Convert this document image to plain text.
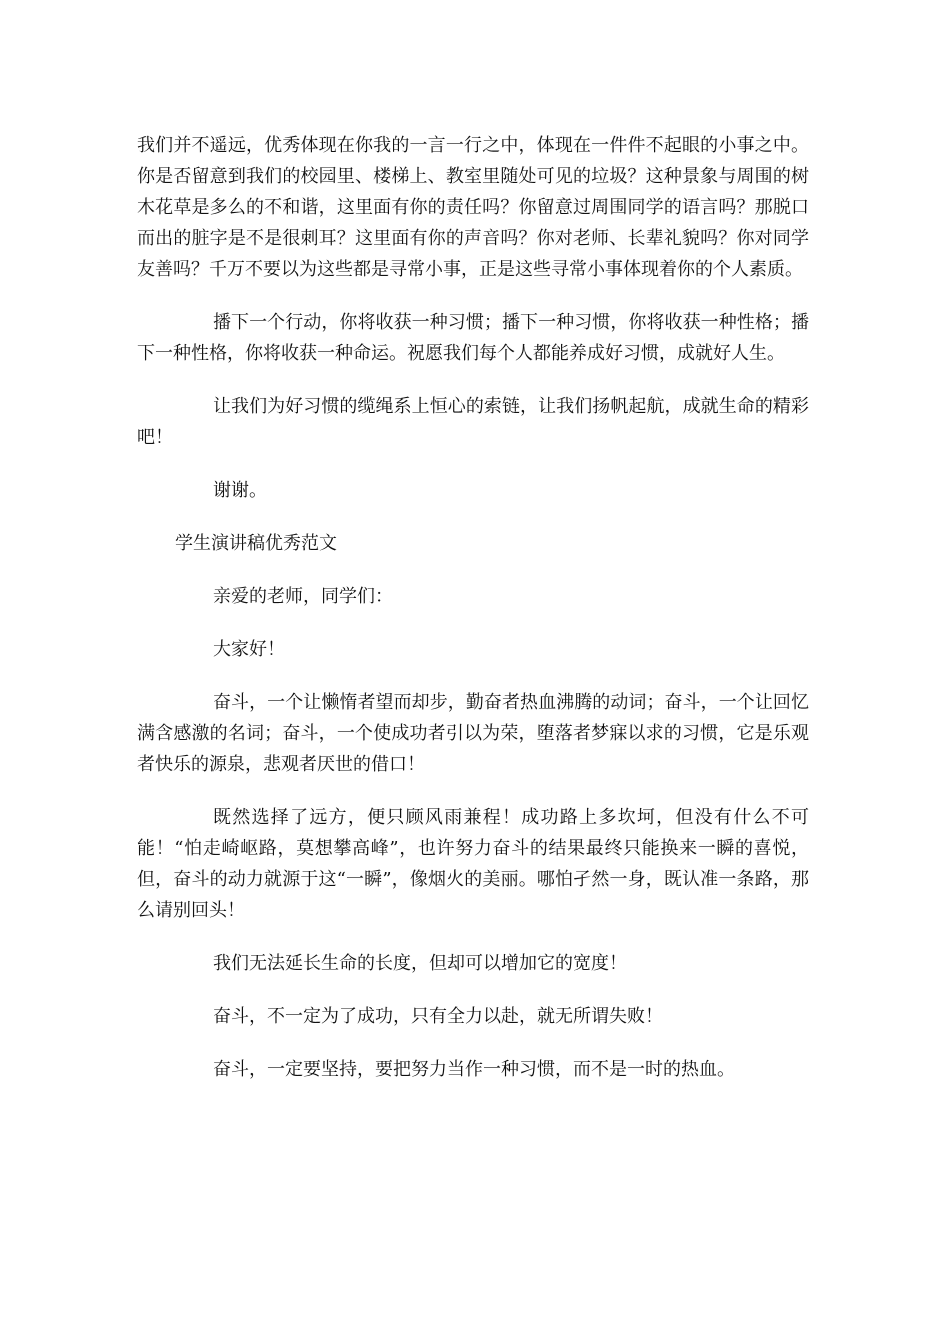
我们并不遥远，优秀体现在你我的一言一行之中，体现在一件件不起眼的小事之中。你是否留意到我们的校园里、楼梯上、教室里随处可见的垃圾？这种景象与周围的树木花草是多么的不和谐，这里面有你的责任吗？你留意过周围同学的语言吗？那脱口而出的脏字是不是很刺耳？这里面有你的声音吗？你对老师、长辈礼貌吗？你对同学友善吗？千万不要以为这些都是寻常小事，正是这些寻常小事体现着你的个人素质。

播下一个行动，你将收获一种习惯；播下一种习惯，你将收获一种性格；播下一种性格，你将收获一种命运。祝愿我们每个人都能养成好习惯，成就好人生。

让我们为好习惯的缆绳系上恒心的索链，让我们扬帆起航，成就生命的精彩吧！

谢谢。

学生演讲稿优秀范文

亲爱的老师，同学们：

大家好！

奋斗，一个让懒惰者望而却步，勤奋者热血沸腾的动词；奋斗，一个让回忆满含感激的名词；奋斗，一个使成功者引以为荣，堕落者梦寐以求的习惯，它是乐观者快乐的源泉，悲观者厌世的借口！

既然选择了远方，便只顾风雨兼程！成功路上多坎坷，但没有什么不可能！“怕走崎岖路，莫想攀高峰”，也许努力奋斗的结果最终只能换来一瞬的喜悦，但，奋斗的动力就源于这“一瞬”，像烟火的美丽。哪怕孑然一身，既认准一条路，那么请别回头！

我们无法延长生命的长度，但却可以增加它的宽度！

奋斗，不一定为了成功，只有全力以赴，就无所谓失败！

奋斗，一定要坚持，要把努力当作一种习惯，而不是一时的热血。
